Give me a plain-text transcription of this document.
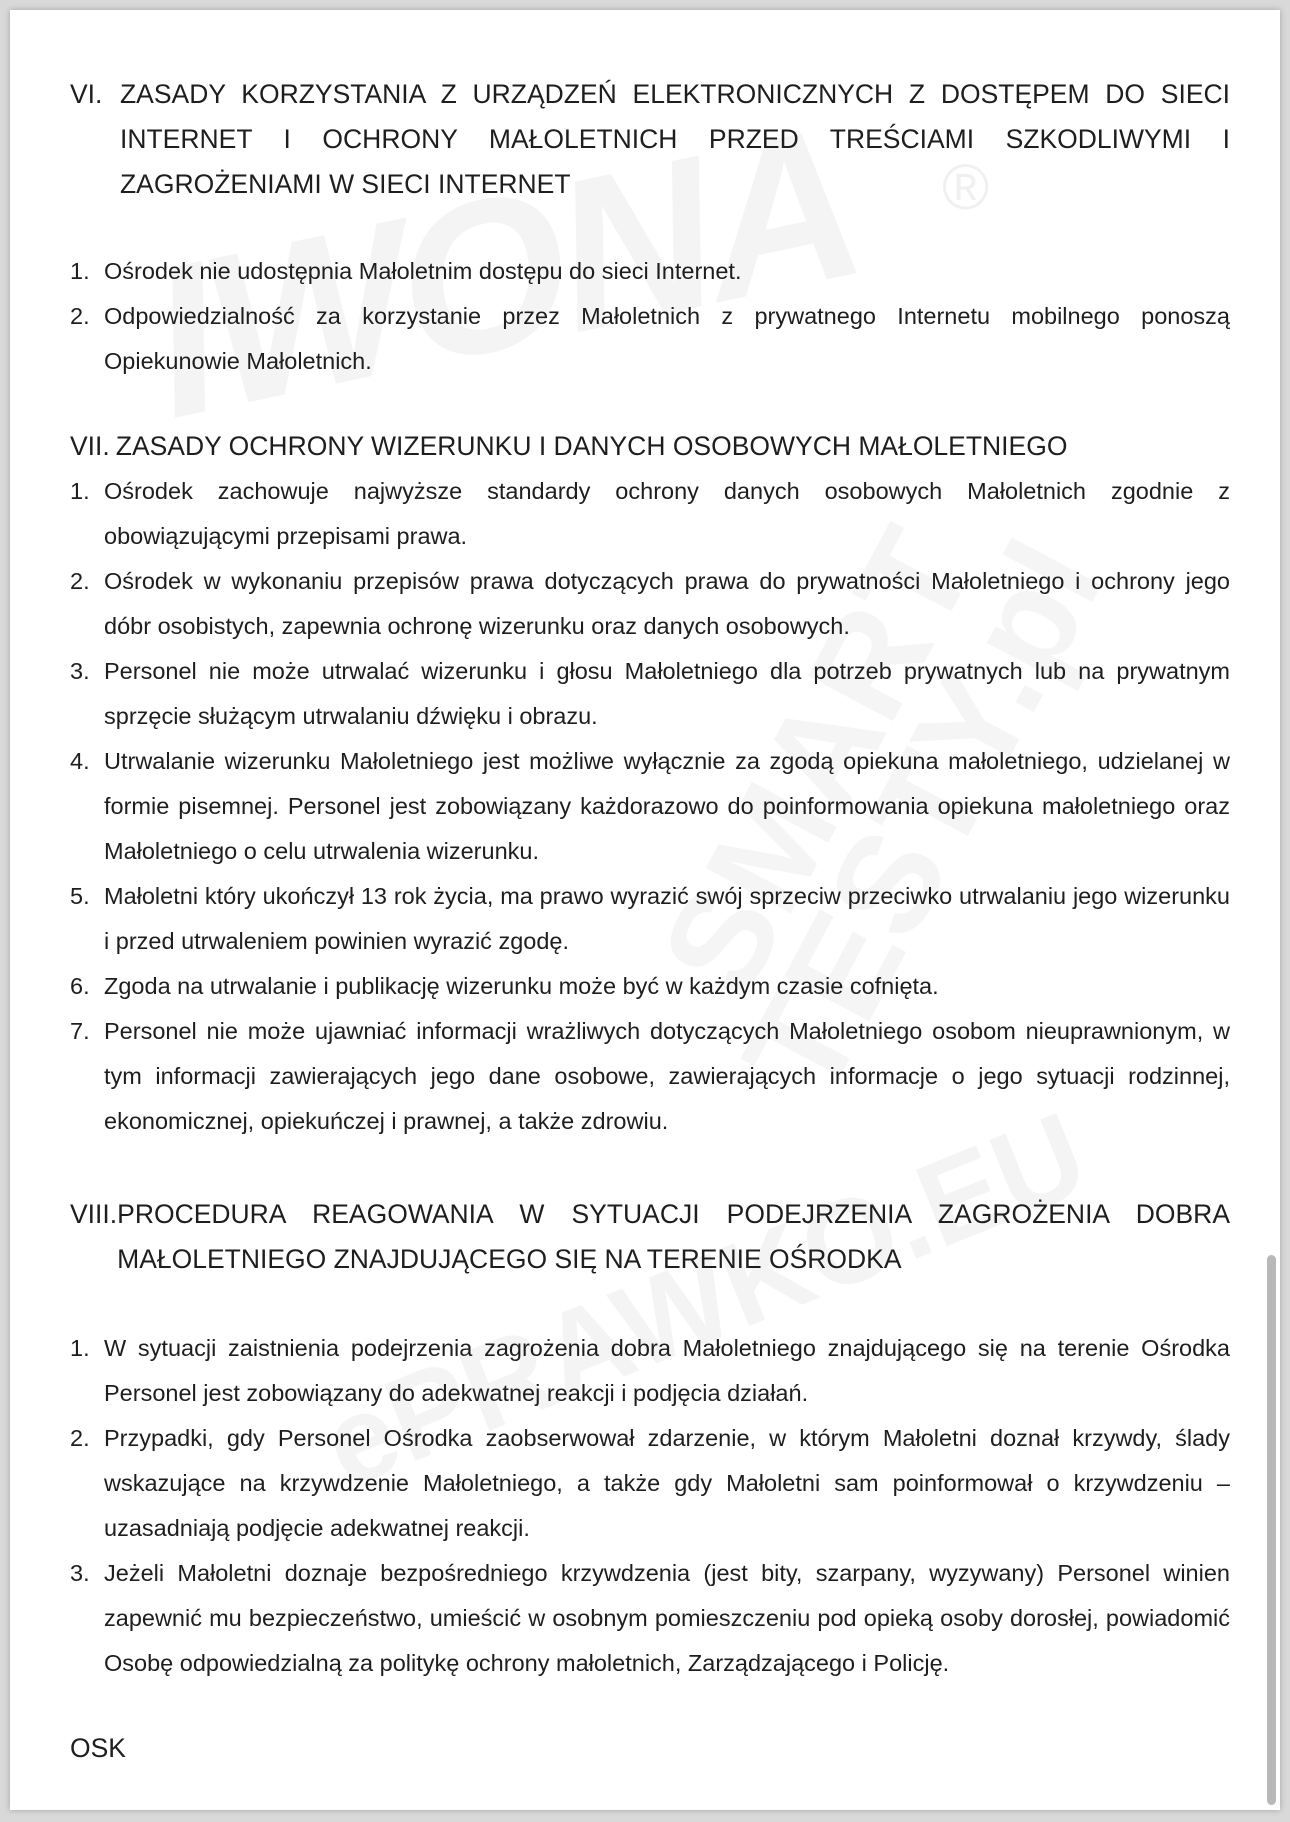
®
VI. ZASADY KORZYSTANIA Z URZĄDZEŃ ELEKTRONICZNYCH Z DOSTĘPEM DO SIECI INTERNET I OCHRONY MAŁOLETNICH PRZED TREŚCIAMI SZKODLIWYMI I ZAGROŻENIAMI W SIECI INTERNET
1. Ośrodek nie udostępnia Małoletnim dostępu do sieci Internet.
2. Odpowiedzialność za korzystanie przez Małoletnich z prywatnego Internetu mobilnego ponoszą Opiekunowie Małoletnich.
VII. ZASADY OCHRONY WIZERUNKU I DANYCH OSOBOWYCH MAŁOLETNIEGO
1. Ośrodek zachowuje najwyższe standardy ochrony danych osobowych Małoletnich zgodnie z obowiązującymi przepisami prawa.
2. Ośrodek w wykonaniu przepisów prawa dotyczących prawa do prywatności Małoletniego i ochrony jego dóbr osobistych, zapewnia ochronę wizerunku oraz danych osobowych.
3. Personel nie może utrwalać wizerunku i głosu Małoletniego dla potrzeb prywatnych lub na prywatnym sprzęcie służącym utrwalaniu dźwięku i obrazu.
4. Utrwalanie wizerunku Małoletniego jest możliwe wyłącznie za zgodą opiekuna małoletniego, udzielanej w formie pisemnej. Personel jest zobowiązany każdorazowo do poinformowania opiekuna małoletniego oraz Małoletniego o celu utrwalenia wizerunku.
5. Małoletni który ukończył 13 rok życia, ma prawo wyrazić swój sprzeciw przeciwko utrwalaniu jego wizerunku i przed utrwaleniem powinien wyrazić zgodę.
6. Zgoda na utrwalanie i publikację wizerunku może być w każdym czasie cofnięta.
7. Personel nie może ujawniać informacji wrażliwych dotyczących Małoletniego osobom nieuprawnionym, w tym informacji zawierających jego dane osobowe, zawierających informacje o jego sytuacji rodzinnej, ekonomicznej, opiekuńczej i prawnej, a także zdrowiu.
VIII. PROCEDURA REAGOWANIA W SYTUACJI PODEJRZENIA ZAGROŻENIA DOBRA MAŁOLETNIEGO ZNAJDUJĄCEGO SIĘ NA TERENIE OŚRODKA
1. W sytuacji zaistnienia podejrzenia zagrożenia dobra Małoletniego znajdującego się na terenie Ośrodka Personel jest zobowiązany do adekwatnej reakcji i podjęcia działań.
2. Przypadki, gdy Personel Ośrodka zaobserwował zdarzenie, w którym Małoletni doznał krzywdy, ślady wskazujące na krzywdzenie Małoletniego, a także gdy Małoletni sam poinformował o krzywdzeniu – uzasadniają podjęcie adekwatnej reakcji.
3. Jeżeli Małoletni doznaje bezpośredniego krzywdzenia (jest bity, szarpany, wyzywany) Personel winien zapewnić mu bezpieczeństwo, umieścić w osobnym pomieszczeniu pod opieką osoby dorosłej, powiadomić Osobę odpowiedzialną za politykę ochrony małoletnich, Zarządzającego i Policję.
OSK
